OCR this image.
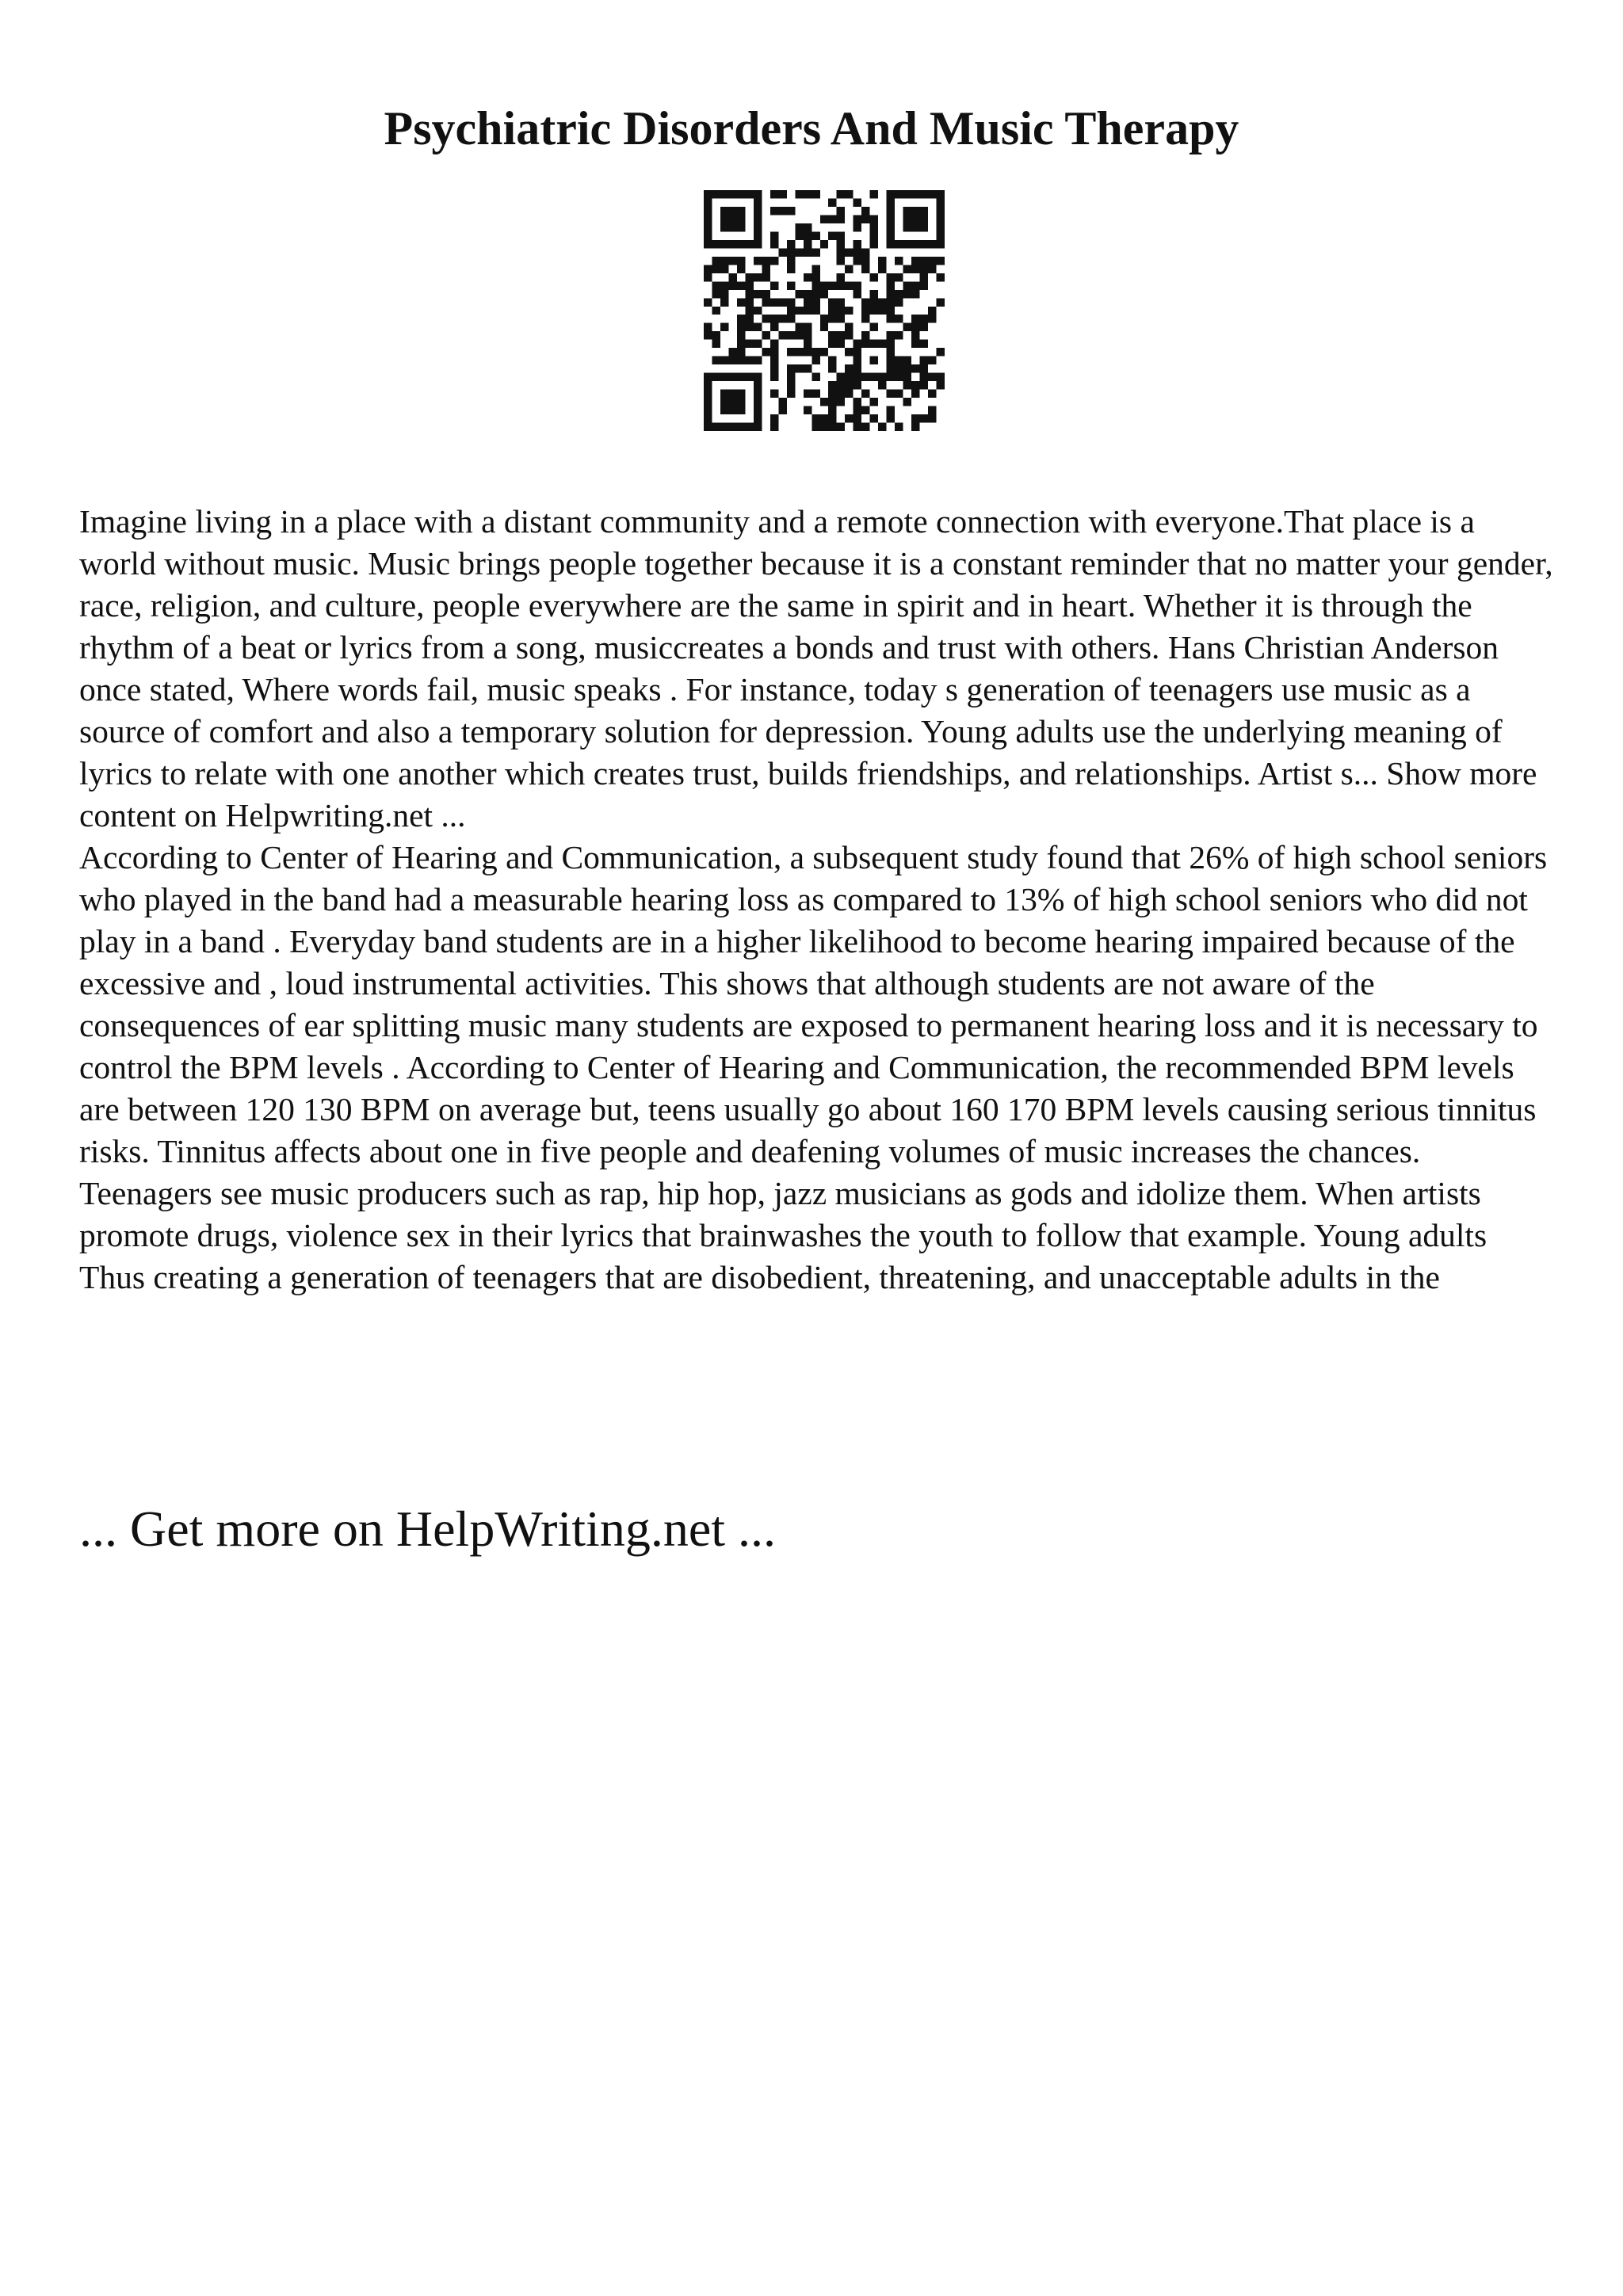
Psychiatric Disorders And Music Therapy

Imagine living in a place with a distant community and a remote connection with everyone.That place is a world without music. Music brings people together because it is a constant reminder that no matter your gender, race, religion, and culture, people everywhere are the same in spirit and in heart. Whether it is through the rhythm of a beat or lyrics from a song, musiccreates a bonds and trust with others. Hans Christian Anderson once stated, Where words fail, music speaks . For instance, today s generation of teenagers use music as a source of comfort and also a temporary solution for depression. Young adults use the underlying meaning of lyrics to relate with one another which creates trust, builds friendships, and relationships. Artist s... Show more content on Helpwriting.net ...

According to Center of Hearing and Communication, a subsequent study found that 26% of high school seniors who played in the band had a measurable hearing loss as compared to 13% of high school seniors who did not play in a band . Everyday band students are in a higher likelihood to become hearing impaired because of the excessive and , loud instrumental activities. This shows that although students are not aware of the consequences of ear splitting music many students are exposed to permanent hearing loss and it is necessary to control the BPM levels . According to Center of Hearing and Communication, the recommended BPM levels are between 120 130 BPM on average but, teens usually go about 160 170 BPM levels causing serious tinnitus risks. Tinnitus affects about one in five people and deafening volumes of music increases the chances. Teenagers see music producers such as rap, hip hop, jazz musicians as gods and idolize them. When artists promote drugs, violence sex in their lyrics that brainwashes the youth to follow that example. Young adults Thus creating a generation of teenagers that are disobedient, threatening, and unacceptable adults in the

... Get more on HelpWriting.net ...
